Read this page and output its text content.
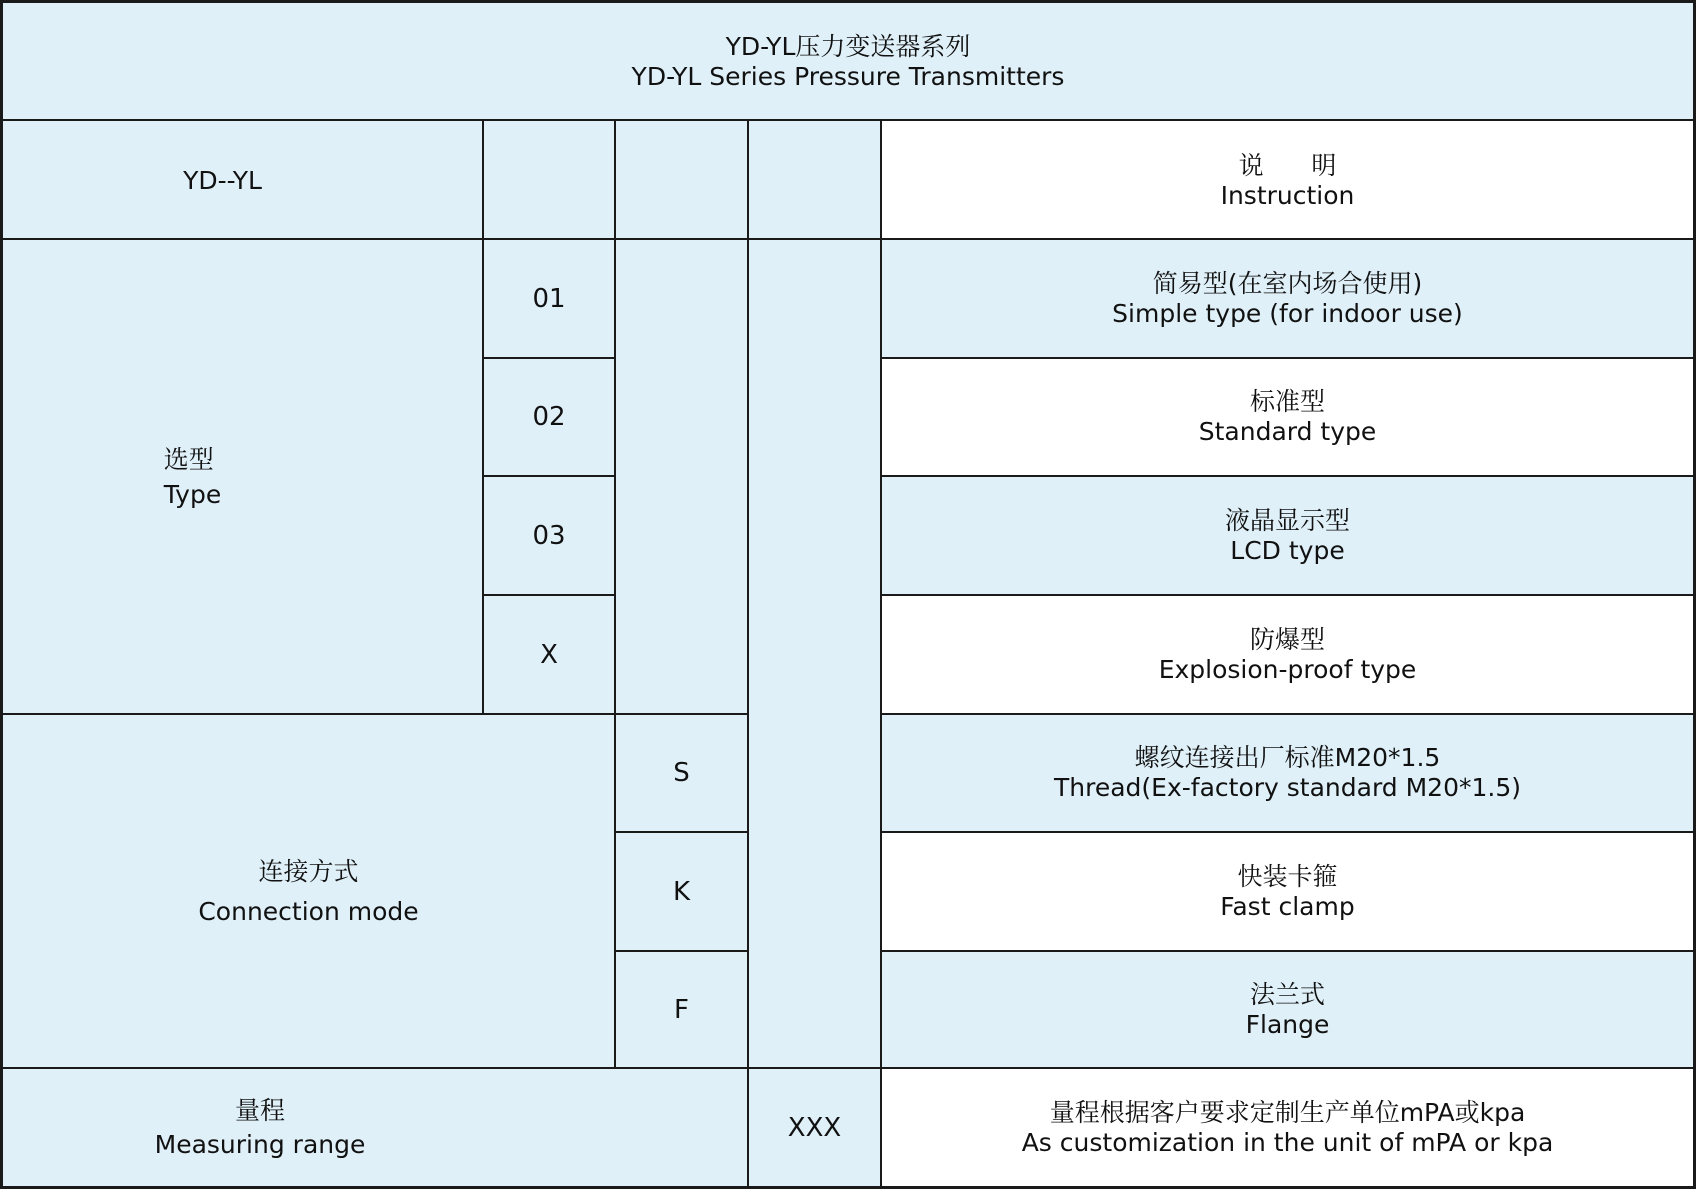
YD-YL压力变送器系列
YD-YL Series Pressure Transmitters
YD--YL
说      明
Instruction
选型
Type
01
02
03
X
简易型(在室内场合使用)
Simple type (for indoor use)
标准型
Standard type
液晶显示型
LCD type
防爆型
Explosion-proof type
连接方式
Connection mode
S
K
F
螺纹连接出厂标准M20*1.5
Thread(Ex-factory standard M20*1.5)
快装卡箍
Fast clamp
法兰式
Flange
量程
Measuring range
XXX
量程根据客户要求定制生产单位mPA或kpa
As customization in the unit of mPA or kpa
